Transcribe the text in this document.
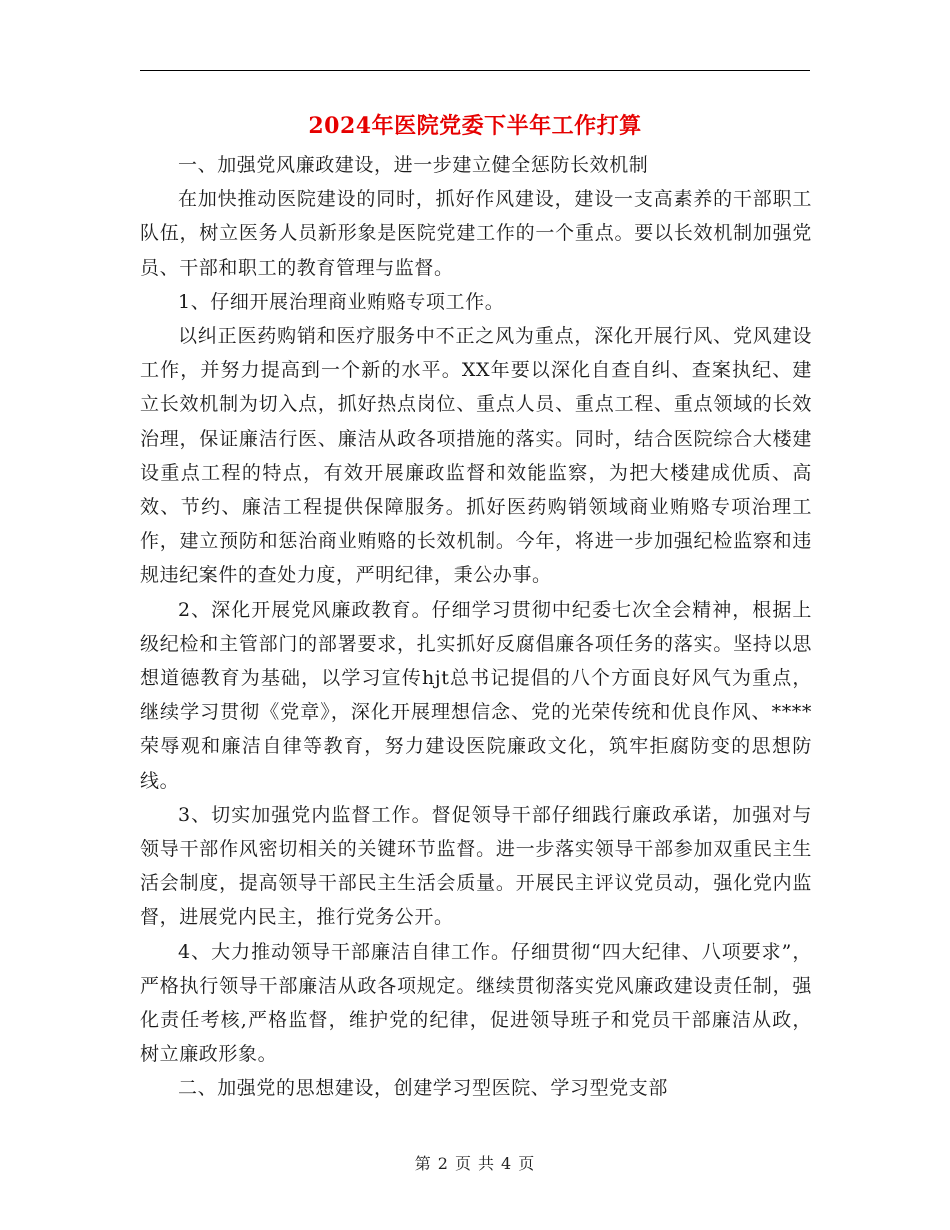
2024年医院党委下半年工作打算

一、加强党风廉政建设，进一步建立健全惩防长效机制

在加快推动医院建设的同时，抓好作风建设，建设一支高素养的干部职工队伍，树立医务人员新形象是医院党建工作的一个重点。要以长效机制加强党员、干部和职工的教育管理与监督。

1、仔细开展治理商业贿赂专项工作。

以纠正医药购销和医疗服务中不正之风为重点，深化开展行风、党风建设工作，并努力提高到一个新的水平。XX年要以深化自查自纠、查案执纪、建立长效机制为切入点，抓好热点岗位、重点人员、重点工程、重点领域的长效治理，保证廉洁行医、廉洁从政各项措施的落实。同时，结合医院综合大楼建设重点工程的特点，有效开展廉政监督和效能监察，为把大楼建成优质、高效、节约、廉洁工程提供保障服务。抓好医药购销领域商业贿赂专项治理工作，建立预防和惩治商业贿赂的长效机制。今年，将进一步加强纪检监察和违规违纪案件的查处力度，严明纪律，秉公办事。

2、深化开展党风廉政教育。仔细学习贯彻中纪委七次全会精神，根据上级纪检和主管部门的部署要求，扎实抓好反腐倡廉各项任务的落实。坚持以思想道德教育为基础，以学习宣传hjt总书记提倡的八个方面良好风气为重点，继续学习贯彻《党章》，深化开展理想信念、党的光荣传统和优良作风、****荣辱观和廉洁自律等教育，努力建设医院廉政文化，筑牢拒腐防变的思想防线。

3、切实加强党内监督工作。督促领导干部仔细践行廉政承诺，加强对与领导干部作风密切相关的关键环节监督。进一步落实领导干部参加双重民主生活会制度，提高领导干部民主生活会质量。开展民主评议党员动，强化党内监督，进展党内民主，推行党务公开。

4、大力推动领导干部廉洁自律工作。仔细贯彻“四大纪律、八项要求”，严格执行领导干部廉洁从政各项规定。继续贯彻落实党风廉政建设责任制，强化责任考核,严格监督，维护党的纪律，促进领导班子和党员干部廉洁从政，树立廉政形象。

二、加强党的思想建设，创建学习型医院、学习型党支部

第 2 页 共 4 页
